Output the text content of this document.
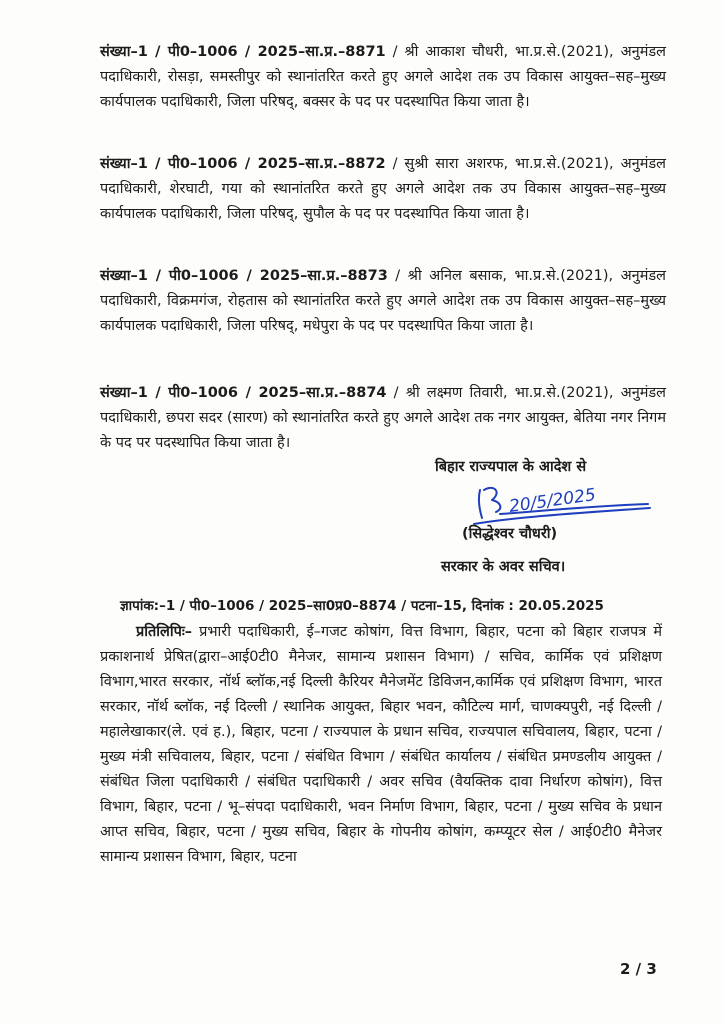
संख्या–1 / पी0–1006 / 2025–सा.प्र.–8871 / श्री आकाश चौधरी, भा.प्र.से.(2021), अनुमंडल पदाधिकारी, रोसड़ा, समस्तीपुर को स्थानांतरित करते हुए अगले आदेश तक उप विकास आयुक्त–सह–मुख्य कार्यपालक पदाधिकारी, जिला परिषद्, बक्सर के पद पर पदस्थापित किया जाता है।

संख्या–1 / पी0–1006 / 2025–सा.प्र.–8872 / सुश्री सारा अशरफ, भा.प्र.से.(2021), अनुमंडल पदाधिकारी, शेरघाटी, गया को स्थानांतरित करते हुए अगले आदेश तक उप विकास आयुक्त–सह–मुख्य कार्यपालक पदाधिकारी, जिला परिषद्, सुपौल के पद पर पदस्थापित किया जाता है।

संख्या–1 / पी0–1006 / 2025–सा.प्र.–8873 / श्री अनिल बसाक, भा.प्र.से.(2021), अनुमंडल पदाधिकारी, विक्रमगंज, रोहतास को स्थानांतरित करते हुए अगले आदेश तक उप विकास आयुक्त–सह–मुख्य कार्यपालक पदाधिकारी, जिला परिषद्, मधेपुरा के पद पर पदस्थापित किया जाता है।

संख्या–1 / पी0–1006 / 2025–सा.प्र.–8874 / श्री लक्ष्मण तिवारी, भा.प्र.से.(2021), अनुमंडल पदाधिकारी, छपरा सदर (सारण) को स्थानांतरित करते हुए अगले आदेश तक नगर आयुक्त, बेतिया नगर निगम के पद पर पदस्थापित किया जाता है।

बिहार राज्यपाल के आदेश से
20/5/2025
(सिद्धेश्वर चौधरी)
सरकार के अवर सचिव।
ज्ञापांक:–1 / पी0–1006 / 2025–सा0प्र0–8874 / पटना–15, दिनांक : 20.05.2025

प्रतिलिपिः– प्रभारी पदाधिकारी, ई–गजट कोषांग, वित्त विभाग, बिहार, पटना को बिहार राजपत्र में प्रकाशनार्थ प्रेषित(द्वारा–आई0टी0 मैनेजर, सामान्य प्रशासन विभाग) / सचिव, कार्मिक एवं प्रशिक्षण विभाग,भारत सरकार, नॉर्थ ब्लॉक,नई दिल्ली कैरियर मैनेजमेंट डिविजन,कार्मिक एवं प्रशिक्षण विभाग, भारत सरकार, नॉर्थ ब्लॉक, नई दिल्ली / स्थानिक आयुक्त, बिहार भवन, कौटिल्य मार्ग, चाणक्यपुरी, नई दिल्ली / महालेखाकार(ले. एवं ह.), बिहार, पटना / राज्यपाल के प्रधान सचिव, राज्यपाल सचिवालय, बिहार, पटना / मुख्य मंत्री सचिवालय, बिहार, पटना / संबंधित विभाग / संबंधित कार्यालय / संबंधित प्रमण्डलीय आयुक्त / संबंधित जिला पदाधिकारी / संबंधित पदाधिकारी / अवर सचिव (वैयक्तिक दावा निर्धारण कोषांग), वित्त विभाग, बिहार, पटना / भू–संपदा पदाधिकारी, भवन निर्माण विभाग, बिहार, पटना / मुख्य सचिव के प्रधान आप्त सचिव, बिहार, पटना / मुख्य सचिव, बिहार के गोपनीय कोषांग, कम्प्यूटर सेल / आई0टी0 मैनेजर सामान्य प्रशासन विभाग, बिहार, पटना

2 / 3
